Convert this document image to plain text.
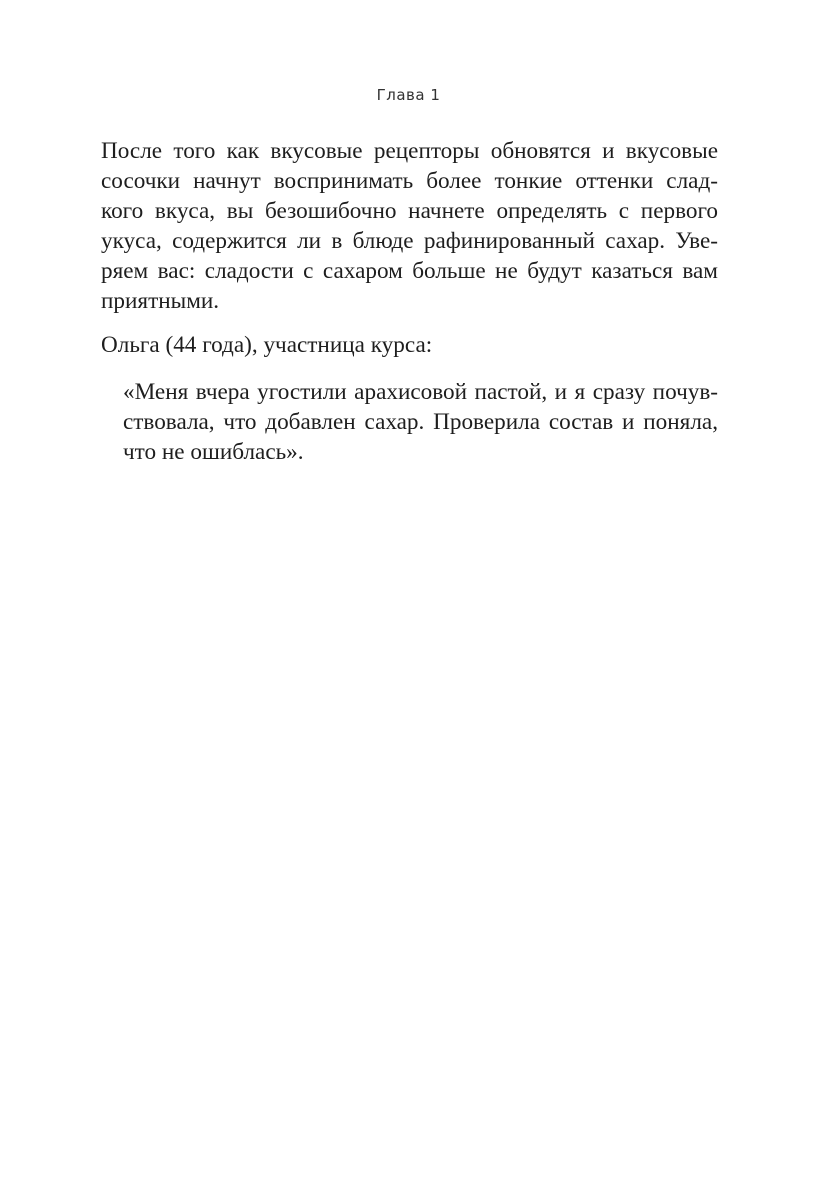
Глава 1
После того как вкусовые рецепторы обновятся и вкусовые
сосочки начнут воспринимать более тонкие оттенки слад-
кого вкуса, вы безошибочно начнете определять с первого
укуса, содержится ли в блюде рафинированный сахар. Уве-
ряем вас: сладости с сахаром больше не будут казаться вам
приятными.
Ольга (44 года), участница курса:
«Меня вчера угостили арахисовой пастой, и я сразу почув-
ствовала, что добавлен сахар. Проверила состав и поняла,
что не ошиблась».
